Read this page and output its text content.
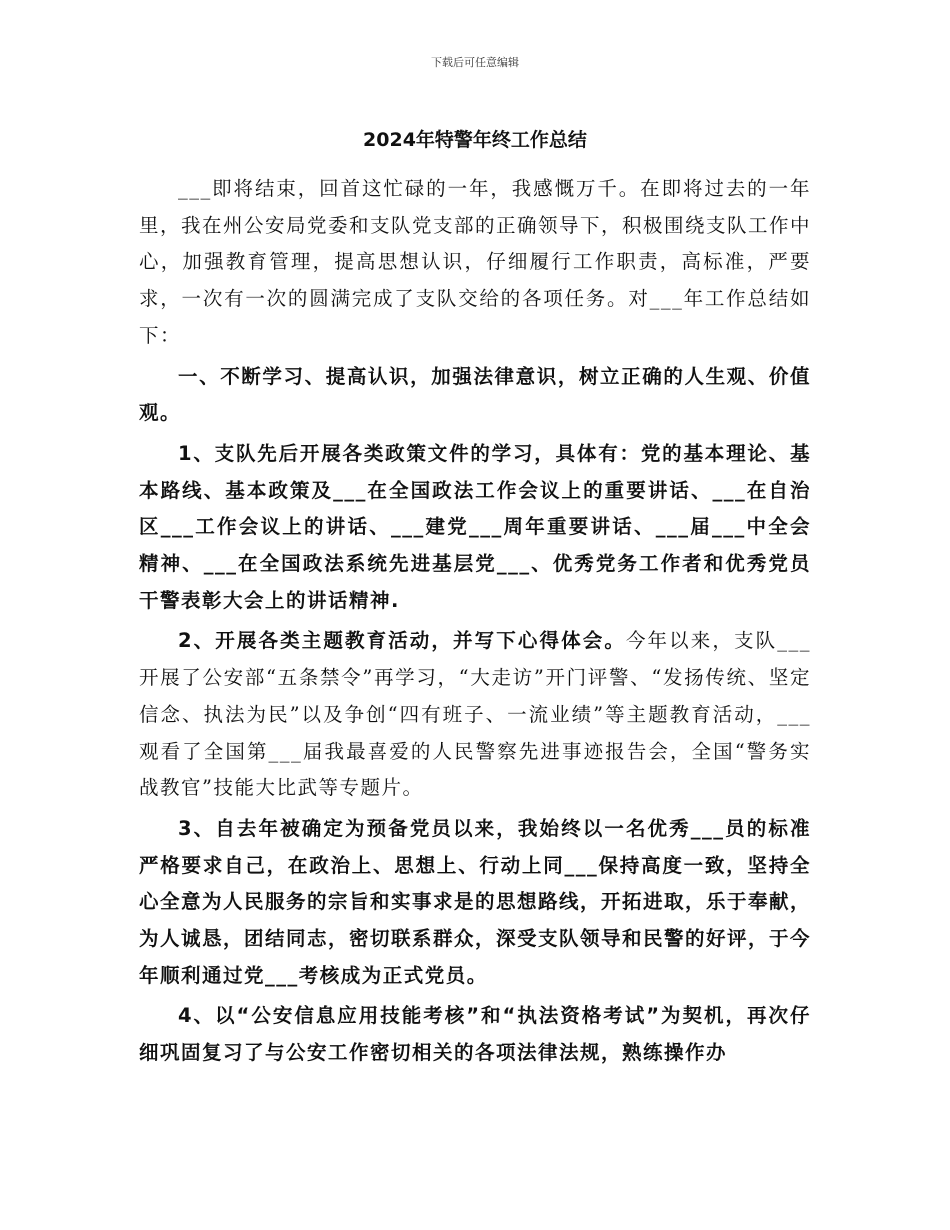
下载后可任意编辑
2024年特警年终工作总结

___即将结束，回首这忙碌的一年，我感慨万千。在即将过去的一年里，我在州公安局党委和支队党支部的正确领导下，积极围绕支队工作中心，加强教育管理，提高思想认识，仔细履行工作职责，高标准，严要求，一次有一次的圆满完成了支队交给的各项任务。对___年工作总结如下：

一、不断学习、提高认识，加强法律意识，树立正确的人生观、价值观。

1、支队先后开展各类政策文件的学习，具体有：党的基本理论、基本路线、基本政策及___在全国政法工作会议上的重要讲话、___在自治区___工作会议上的讲话、___建党___周年重要讲话、___届___中全会精神、___在全国政法系统先进基层党___、优秀党务工作者和优秀党员干警表彰大会上的讲话精神.

2、开展各类主题教育活动，并写下心得体会。今年以来，支队___开展了公安部“五条禁令”再学习，“大走访”开门评警、“发扬传统、坚定信念、执法为民”以及争创“四有班子、一流业绩”等主题教育活动，___观看了全国第___届我最喜爱的人民警察先进事迹报告会，全国“警务实战教官”技能大比武等专题片。

3、自去年被确定为预备党员以来，我始终以一名优秀___员的标准严格要求自己，在政治上、思想上、行动上同___保持高度一致，坚持全心全意为人民服务的宗旨和实事求是的思想路线，开拓进取，乐于奉献，为人诚恳，团结同志，密切联系群众，深受支队领导和民警的好评，于今年顺利通过党___考核成为正式党员。

4、以“公安信息应用技能考核”和“执法资格考试”为契机，再次仔细巩固复习了与公安工作密切相关的各项法律法规，熟练操作办
